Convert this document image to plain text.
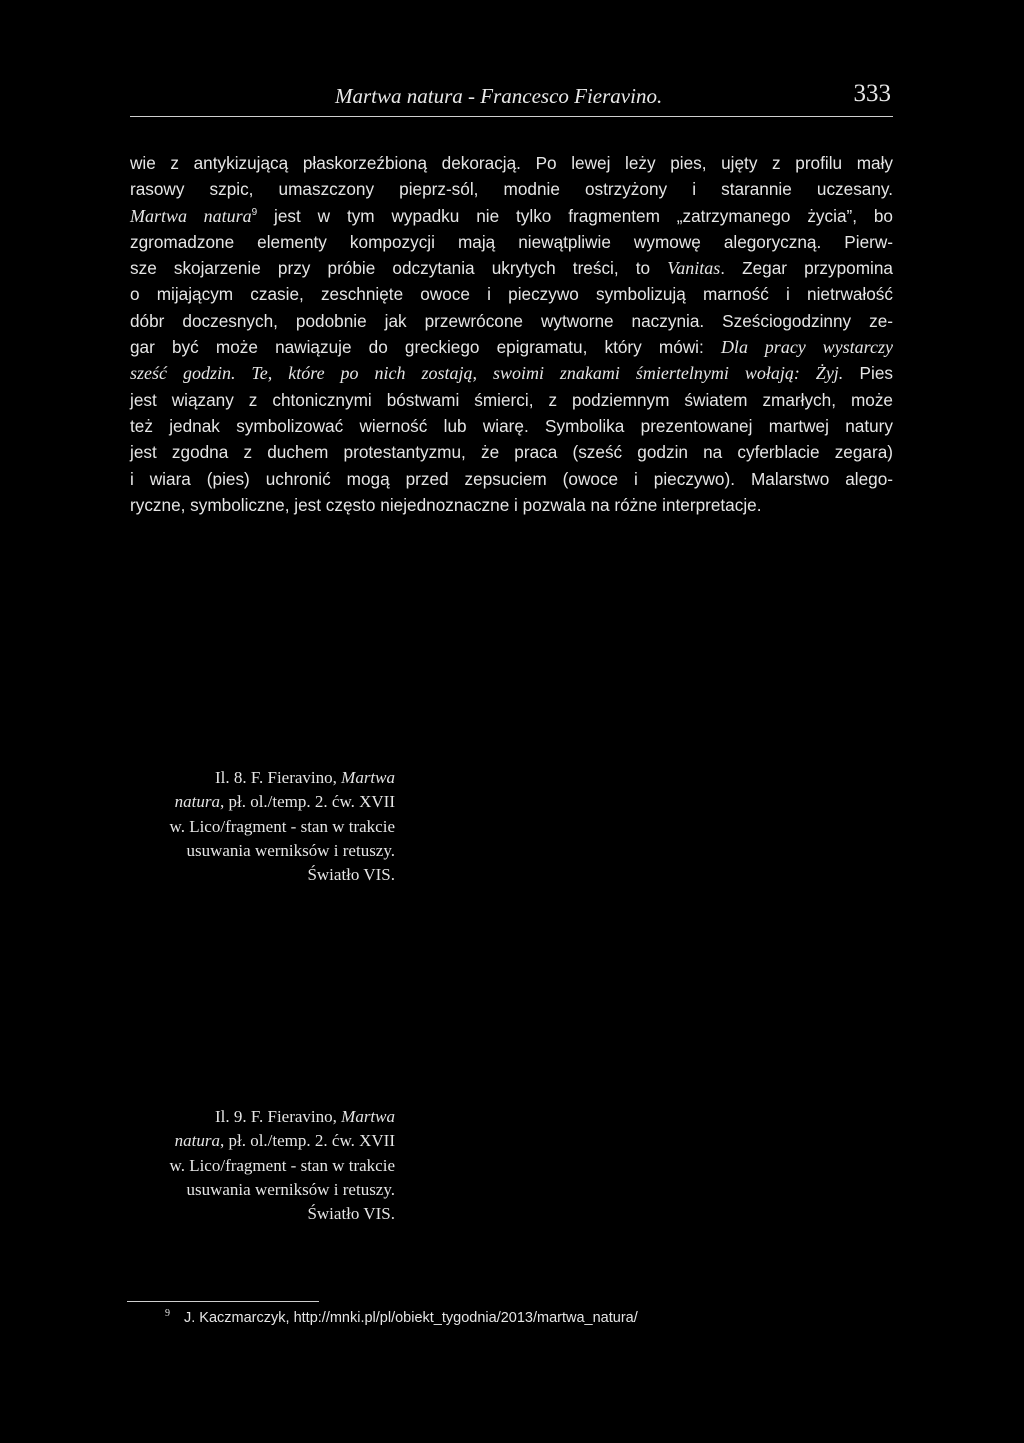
Martwa natura - Francesco Fieravino.	333
wie z antykizującą płaskorzeźbioną dekoracją. Po lewej leży pies, ujęty z profilu mały
rasowy szpic, umaszczony pieprz-sól, modnie ostrzyżony i starannie uczesany.
Martwa natura$^9$ jest w tym wypadku nie tylko fragmentem „zatrzymanego życia”, bo
zgromadzone elementy kompozycji mają niewątpliwie wymowę alegoryczną. Pierw-
sze skojarzenie przy próbie odczytania ukrytych treści, to Vanitas. Zegar przypomina
o mijającym czasie, zeschnięte owoce i pieczywo symbolizują marność i nietrwałość
dóbr doczesnych, podobnie jak przewrócone wytworne naczynia. Sześciogodzinny ze-
gar być może nawiązuje do greckiego epigramatu, który mówi: Dla pracy wystarczy
sześć godzin. Te, które po nich zostają, swoimi znakami śmiertelnymi wołają: Żyj. Pies
jest wiązany z chtonicznymi bóstwami śmierci, z podziemnym światem zmarłych, może
też jednak symbolizować wierność lub wiarę. Symbolika prezentowanej martwej natury
jest zgodna z duchem protestantyzmu, że praca (sześć godzin na cyferblacie zegara)
i wiara (pies) uchronić mogą przed zepsuciem (owoce i pieczywo). Malarstwo alego-
ryczne, symboliczne, jest często niejednoznaczne i pozwala na różne interpretacje.
Il. 8. F. Fieravino, Martwa
natura, pł. ol./temp. 2. ćw. XVII
w. Lico/fragment - stan w trakcie
usuwania werniksów i retuszy.
Światło VIS.
Il. 9. F. Fieravino, Martwa
natura, pł. ol./temp. 2. ćw. XVII
w. Lico/fragment - stan w trakcie
usuwania werniksów i retuszy.
Światło VIS.
$^9$ J. Kaczmarczyk, http://mnki.pl/pl/obiekt_tygodnia/2013/martwa_natura/
